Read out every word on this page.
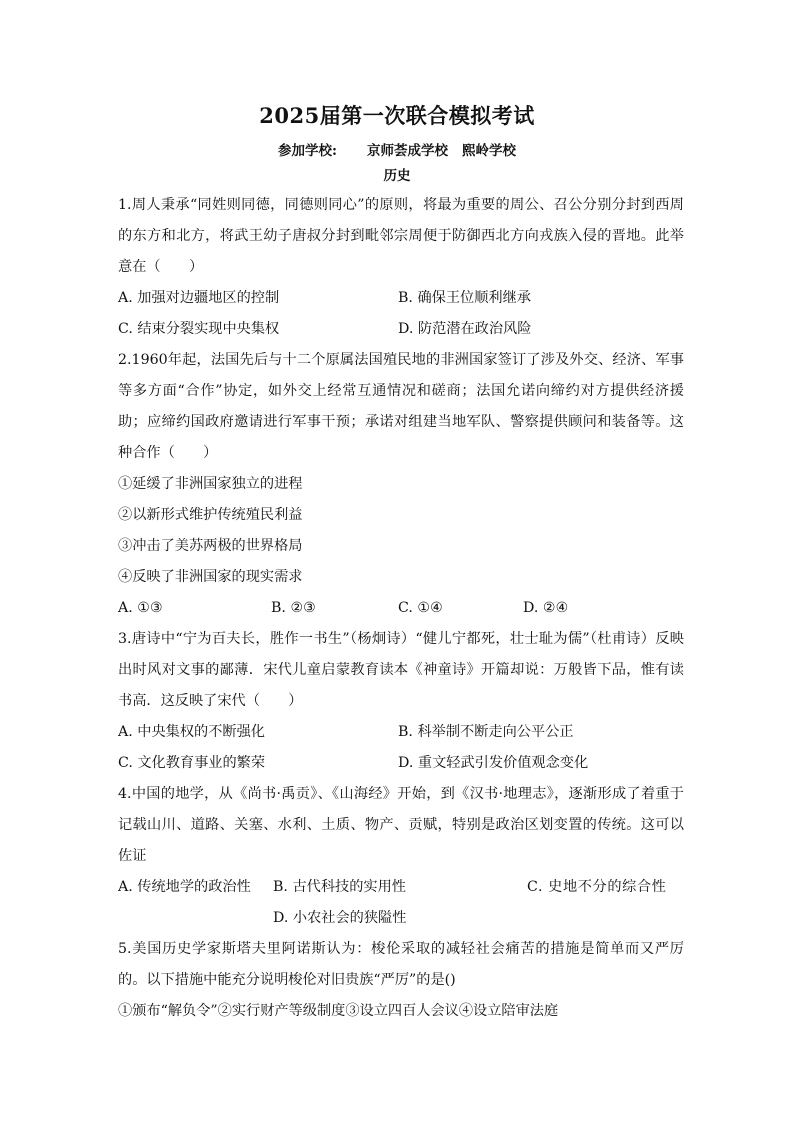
2025届第一次联合模拟考试
参加学校: 京师荟成学校 熙岭学校
历史

1.周人秉承“同姓则同德，同德则同心”的原则，将最为重要的周公、召公分别分封到西周的东方和北方，将武王幼子唐叔分封到毗邻宗周便于防御西北方向戎族入侵的晋地。此举意在（　　）

A. 加强对边疆地区的控制	B. 确保王位顺利继承
C. 结束分裂实现中央集权	D. 防范潜在政治风险

2.1960年起，法国先后与十二个原属法国殖民地的非洲国家签订了涉及外交、经济、军事等多方面“合作”协定，如外交上经常互通情况和磋商；法国允诺向缔约对方提供经济援助；应缔约国政府邀请进行军事干预；承诺对组建当地军队、警察提供顾问和装备等。这种合作（　　）

①延缓了非洲国家独立的进程
②以新形式维护传统殖民利益
③冲击了美苏两极的世界格局
④反映了非洲国家的现实需求
A. ①③	B. ②③	C. ①④	D. ②④

3.唐诗中“宁为百夫长，胜作一书生”（杨炯诗）“健儿宁都死，壮士耻为儒”（杜甫诗）反映出时风对文事的鄙薄．宋代儿童启蒙教育读本《神童诗》开篇却说：万般皆下品，惟有读书高．这反映了宋代（　　）

A. 中央集权的不断强化	B. 科举制不断走向公平公正
C. 文化教育事业的繁荣	D. 重文轻武引发价值观念变化

4.中国的地学，从《尚书·禹贡》、《山海经》开始，到《汉书·地理志》，逐渐形成了着重于记载山川、道路、关塞、水利、土质、物产、贡赋，特别是政治区划变置的传统。这可以佐证

A. 传统地学的政治性	B. 古代科技的实用性	C. 史地不分的综合性
D. 小农社会的狭隘性

5.美国历史学家斯塔夫里阿诺斯认为：梭伦采取的减轻社会痛苦的措施是简单而又严厉的。以下措施中能充分说明梭伦对旧贵族“严厉”的是()

①颁布“解负令”②实行财产等级制度③设立四百人会议④设立陪审法庭
